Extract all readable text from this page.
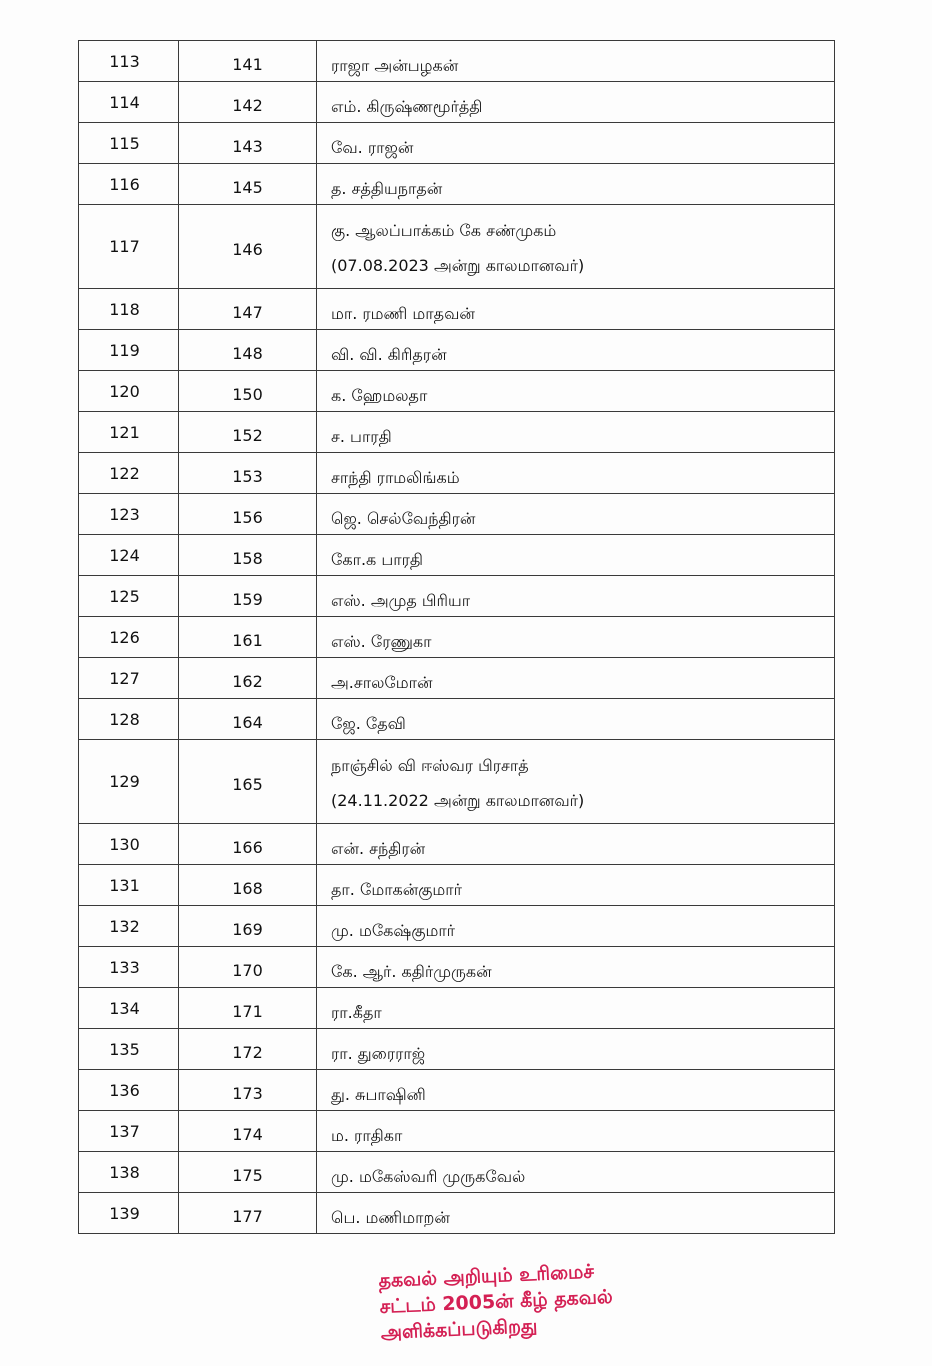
113	141	ராஜா அன்பழகன்
114	142	எம். கிருஷ்ணமூர்த்தி
115	143	வே. ராஜன்
116	145	த. சத்தியநாதன்
117	146	கு. ஆலப்பாக்கம் கே சண்முகம்
(07.08.2023 அன்று காலமானவர்)

118	147	மா. ரமணி மாதவன்
119	148	வி. வி. கிரிதரன்
120	150	க. ஹேமலதா
121	152	ச. பாரதி
122	153	சாந்தி ராமலிங்கம்
123	156	ஜெ. செல்வேந்திரன்
124	158	கோ.க பாரதி
125	159	எஸ். அமுத பிரியா
126	161	எஸ். ரேணுகா
127	162	அ.சாலமோன்
128	164	ஜே. தேவி
129	165	நாஞ்சில் வி ஈஸ்வர பிரசாத்
(24.11.2022 அன்று காலமானவர்)

130	166	என். சந்திரன்
131	168	தா. மோகன்குமார்
132	169	மு. மகேஷ்குமார்
133	170	கே. ஆர். கதிர்முருகன்
134	171	ரா.கீதா
135	172	ரா. துரைராஜ்
136	173	து. சுபாஷினி
137	174	ம. ராதிகா
138	175	மு. மகேஸ்வரி முருகவேல்
139	177	பெ. மணிமாறன்
தகவல் அறியும் உரிமைச்
சட்டம் 2005ன் கீழ் தகவல்
அளிக்கப்படுகிறது
